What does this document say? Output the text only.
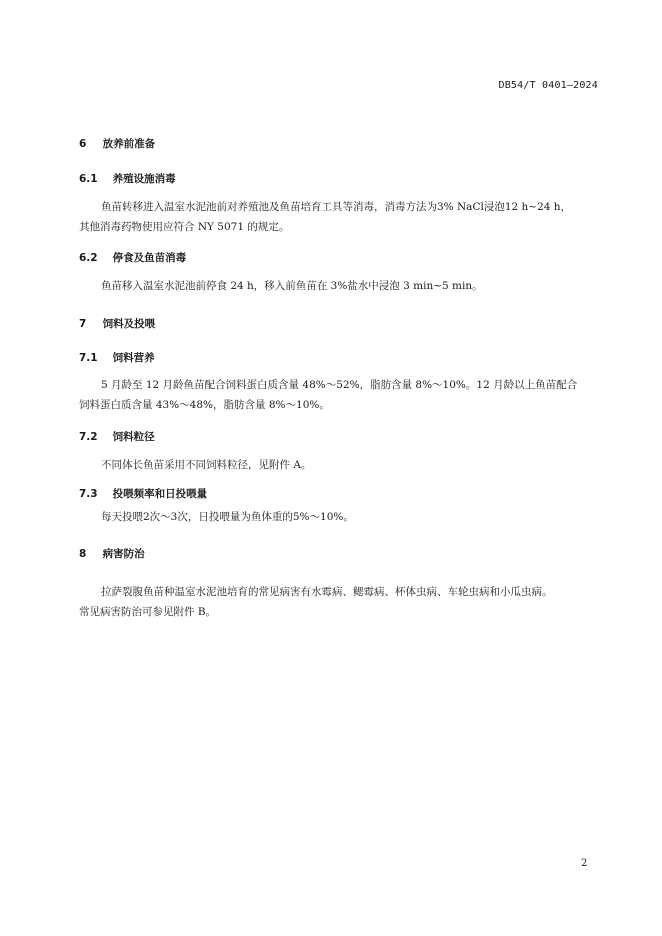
DB54/T 0401—2024
6 放养前准备
6.1 养殖设施消毒
鱼苗转移进入温室水泥池前对养殖池及鱼苗培育工具等消毒，消毒方法为3% NaCl浸泡12 h~24 h，
其他消毒药物使用应符合 NY 5071 的规定。
6.2 停食及鱼苗消毒
鱼苗移入温室水泥池前停食 24 h，移入前鱼苗在 3%盐水中浸泡 3 min~5 min。
7 饲料及投喂
7.1 饲料营养
5 月龄至 12 月龄鱼苗配合饲料蛋白质含量 48%～52%，脂肪含量 8%～10%。12 月龄以上鱼苗配合
饲料蛋白质含量 43%～48%，脂肪含量 8%～10%。
7.2 饲料粒径
不同体长鱼苗采用不同饲料粒径，见附件 A。
7.3 投喂频率和日投喂量
每天投喂2次～3次，日投喂量为鱼体重的5%～10%。
8 病害防治
拉萨裂腹鱼苗种温室水泥池培育的常见病害有水霉病、鳃霉病、杯体虫病、车轮虫病和小瓜虫病。
常见病害防治可参见附件 B。
2
